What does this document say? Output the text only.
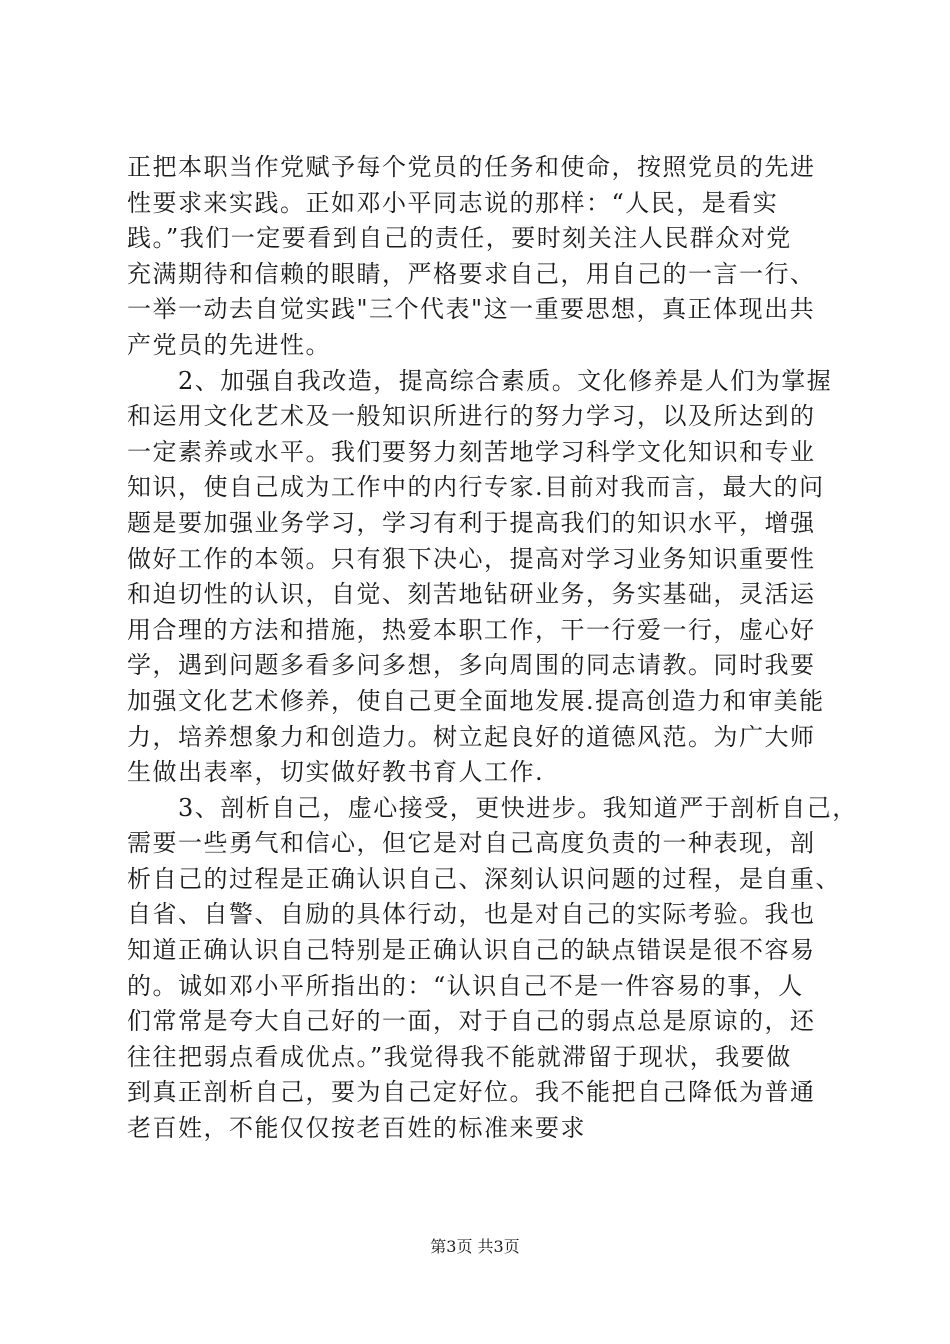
正把本职当作党赋予每个党员的任务和使命，按照党员的先进
性要求来实践。正如邓小平同志说的那样：“人民，是看实
践。”我们一定要看到自己的责任，要时刻关注人民群众对党
充满期待和信赖的眼睛，严格要求自己，用自己的一言一行、
一举一动去自觉实践"三个代表"这一重要思想，真正体现出共
产党员的先进性。
　　2、加强自我改造，提高综合素质。文化修养是人们为掌握
和运用文化艺术及一般知识所进行的努力学习，以及所达到的
一定素养或水平。我们要努力刻苦地学习科学文化知识和专业
知识，使自己成为工作中的内行专家.目前对我而言，最大的问
题是要加强业务学习，学习有利于提高我们的知识水平，增强
做好工作的本领。只有狠下决心，提高对学习业务知识重要性
和迫切性的认识，自觉、刻苦地钻研业务，务实基础，灵活运
用合理的方法和措施，热爱本职工作，干一行爱一行，虚心好
学，遇到问题多看多问多想，多向周围的同志请教。同时我要
加强文化艺术修养，使自己更全面地发展.提高创造力和审美能
力，培养想象力和创造力。树立起良好的道德风范。为广大师
生做出表率，切实做好教书育人工作.
　　3、剖析自己，虚心接受，更快进步。我知道严于剖析自己，
需要一些勇气和信心，但它是对自己高度负责的一种表现，剖
析自己的过程是正确认识自己、深刻认识问题的过程，是自重、
自省、自警、自励的具体行动，也是对自己的实际考验。我也
知道正确认识自己特别是正确认识自己的缺点错误是很不容易
的。诚如邓小平所指出的：“认识自己不是一件容易的事，人
们常常是夸大自己好的一面，对于自己的弱点总是原谅的，还
往往把弱点看成优点。”我觉得我不能就滞留于现状，我要做
到真正剖析自己，要为自己定好位。我不能把自己降低为普通
老百姓，不能仅仅按老百姓的标准来要求
第3页 共3页
